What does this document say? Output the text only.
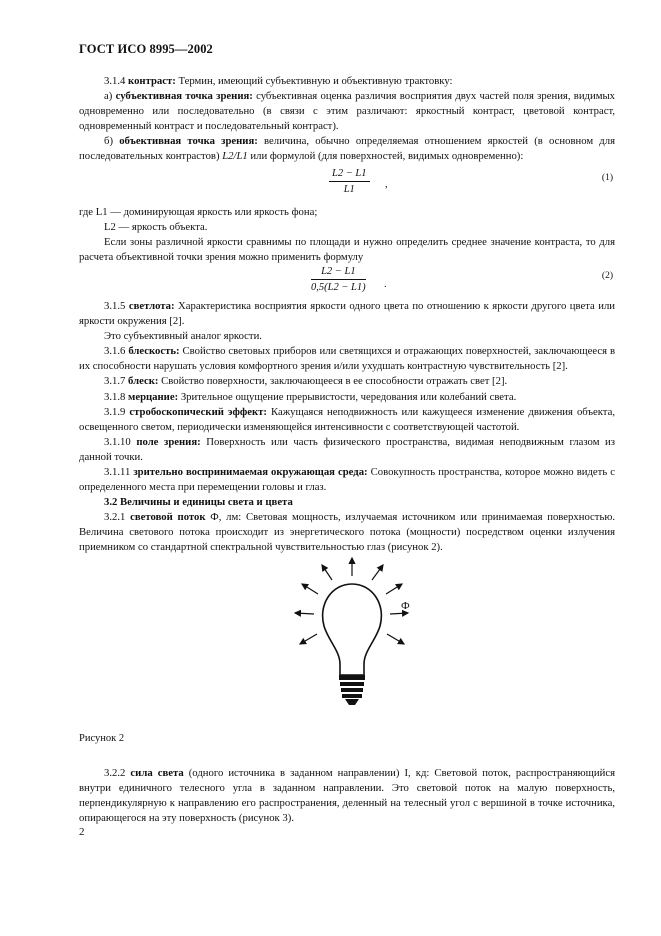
ГОСТ ИСО 8995—2002

3.1.4 контраст: Термин, имеющий субъективную и объективную трактовку:

а) субъективная точка зрения: субъективная оценка различия восприятия двух частей поля зрения, видимых одновременно или последовательно (в связи с этим различают: яркостный контраст, цветовой контраст, одновременный контраст и последовательный контраст).

б) объективная точка зрения: величина, обычно определяемая отношением яркостей (в основном для последовательных контрастов) L2/L1 или формулой (для поверхностей, видимых одновременно):

L2 − L1
L1	,
(1)

где L1 — доминирующая яркость или яркость фона;

L2 — яркость объекта.

Если зоны различной яркости сравнимы по площади и нужно определить среднее значение контраста, то для расчета объективной точки зрения можно применить формулу

L2 − L1
0,5(L2 − L1) .
(2)

3.1.5 светлота: Характеристика восприятия яркости одного цвета по отношению к яркости другого цвета или яркости окружения [2].

Это субъективный аналог яркости.

3.1.6 блескость: Свойство световых приборов или светящихся и отражающих поверхностей, заключающееся в их способности нарушать условия комфортного зрения и/или ухудшать контрастную чувствительность [2].

3.1.7 блеск: Свойство поверхности, заключающееся в ее способности отражать свет [2].

3.1.8 мерцание: Зрительное ощущение прерывистости, чередования или колебаний света.

3.1.9 стробоскопический эффект: Кажущаяся неподвижность или кажущееся изменение движения объекта, освещенного светом, периодически изменяющейся интенсивности с соответствующей частотой.

3.1.10 поле зрения: Поверхность или часть физического пространства, видимая неподвижным глазом из данной точки.

3.1.11 зрительно воспринимаемая окружающая среда: Совокупность пространства, которое можно видеть с определенного места при перемещении головы и глаз.

3.2 Величины и единицы света и цвета

3.2.1 световой поток Ф, лм: Световая мощность, излучаемая источником или принимаемая поверхностью. Величина светового потока происходит из энергетического потока (мощности) посредством оценки излучения приемником со стандартной спектральной чувствительностью глаз (рисунок 2).

Ф

Рисунок 2

3.2.2 сила света (одного источника в заданном направлении) I, кд: Световой поток, распространяющийся внутри единичного телесного угла в заданном направлении. Это световой поток на малую поверхность, перпендикулярную к направлению его распространения, деленный на телесный угол с вершиной в точке источника, опирающегося на эту поверхность (рисунок 3).

2
